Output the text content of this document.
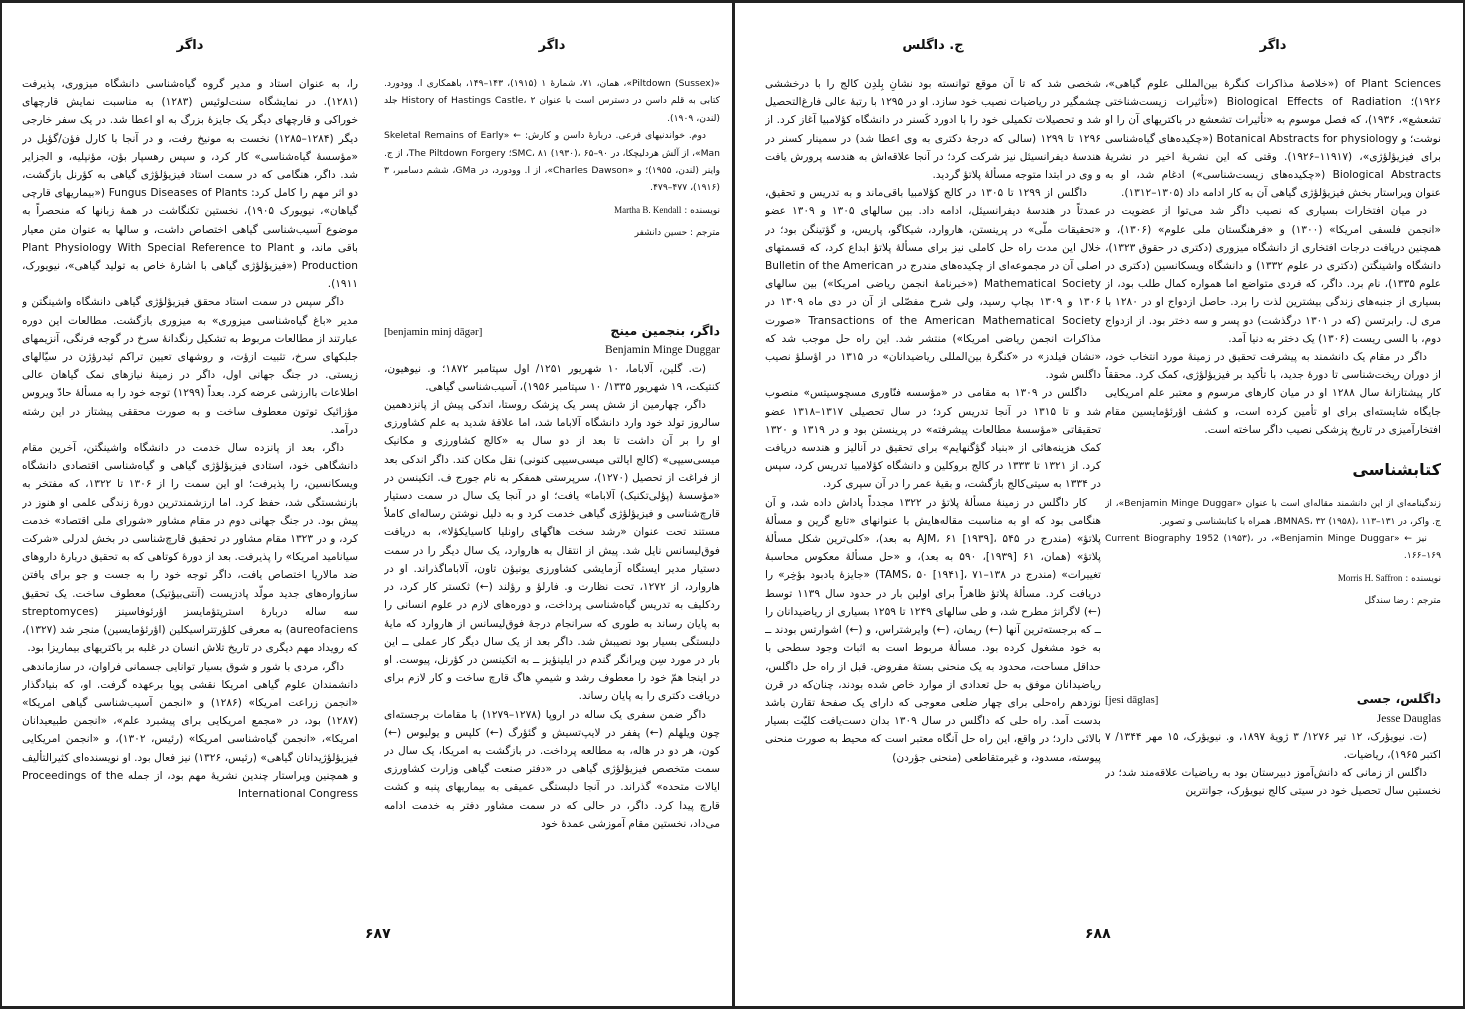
داگر	داگر

را، به عنوان استاد و مدیر گروه گیاه‌شناسی دانشگاه میزوری، پذیرفت (۱۲۸۱). در نمایشگاه سنت‌لوئیس (۱۲۸۳) به مناسبت نمایش قارچهای خوراکی و قارچهای دیگر یک جایزهٔ بزرگ به او اعطا شد. در یک سفر خارجی دیگر (۱۲۸۴–۱۲۸۵) نخست به مونیخ رفت، و در آنجا با کارل فؤن/گؤبل در «مؤسسهٔ گیاه‌شناسی» کار کرد، و سپس رهسپار بؤن، مؤنپلیه، و الجزایر شد. داگر، هنگامی که در سمت استاد فیزیؤلؤژی گیاهی به کؤرنل بازگشت، دو اثر مهم را کامل کرد: Fungus Diseases of Plants («بیماریهای قارچی گیاهان»، نیویورک ۱۹۰۵)، نخستین تکنگاشت در همهٔ زبانها که منحصراً به موضوع آسیب‌شناسی گیاهی اختصاص داشت، و سالها به عنوان متن معیار باقی ماند، و Plant Physiology With Special Reference to Plant Production («فیزیؤلؤژی گیاهی با اشارهٔ خاص به تولید گیاهی»، نیویورک، ۱۹۱۱).

داگر سپس در سمت استاد محقق فیزیؤلؤژی گیاهی دانشگاه واشینگتن و مدیر «باغ گیاه‌شناسی میزوری» به میزوری بازگشت. مطالعات این دوره عبارتند از مطالعات مربوط به تشکیل رنگدانهٔ سرخ در گوجه فرنگی، آنزیمهای جلبکهای سرخ، تثبیت ازؤت، و روشهای تعیین تراکم ئیدرؤژن در سیّالهای زیستی. در جنگ جهانی اول، داگر در زمینهٔ نیازهای نمک گیاهان عالی اطلاعات باارزشی عرضه کرد. بعداً (۱۲۹۹) توجه خود را به مسألهٔ حادّ ویروس مؤزائیک توتون معطوف ساخت و به صورت محققی پیشتاز در این رشته درآمد.

داگر، بعد از پانزده سال خدمت در دانشگاه واشینگتن، آخرین مقام دانشگاهی خود، استادی فیزیؤلؤژی گیاهی و گیاه‌شناسی اقتصادی دانشگاه ویسکانسین، را پذیرفت؛ او این سمت را از ۱۳۰۶ تا ۱۳۲۲، که مفتخر به بازنشستگی شد، حفظ کرد. اما ارزشمندترین دورهٔ زندگی علمی او هنوز در پیش بود. در جنگ جهانی دوم در مقام مشاور «شورای ملی اقتصاد» خدمت کرد، و در ۱۳۲۳ مقام مشاور در تحقیق قارچ‌شناسی در بخش لدرلی «شرکت سیانامید امریکا» را پذیرفت. بعد از دورهٔ کوتاهی که به تحقیق دربارهٔ داروهای ضد مالاریا اختصاص یافت، داگر توجه خود را به جست و جو برای یافتن سازواره‌های جدید مولّد پادزیست (آنتی‌بیؤتیک) معطوف ساخت. یک تحقیق سه ساله دربارهٔ استرپتؤمایسز اؤرئوفاسینز (streptomyces aureofaciens) به معرفی کلؤرتتراسیکلین (اؤرئؤمایسین) منجر شد (۱۳۲۷)، که رویداد مهم دیگری در تاریخ تلاش انسان در غلبه بر باکتریهای بیماریزا بود.

داگر، مردی با شور و شوق بسیار توانایی جسمانی فراوان، در سازماندهی دانشمندان علوم گیاهی امریکا نقشی پویا برعهده گرفت. او، که بنیادگذار «انجمن زراعت امریکا» (۱۲۸۶) و «انجمن آسیب‌شناسی گیاهی امریکا» (۱۲۸۷) بود، در «مجمع امریکایی برای پیشبرد علم»، «انجمن طبیعیدانان امریکا»، «انجمن گیاه‌شناسی امریکا» (رئیس، ۱۳۰۲)، و «انجمن امریکایی فیزیؤلؤژیدانان گیاهی» (رئیس، ۱۳۲۶) نیز فعال بود. او نویسنده‌ای کثیرالتألیف و همچنین ویراستار چندین نشریهٔ مهم بود، از جمله Proceedings of the International Congress

«Piltdown (Sussex)»، همان، ۷۱، شمارهٔ ۱ (۱۹۱۵)، ۱۴۳–۱۴۹، باهمکاری ا. وودورد. کتابی به قلم داسن در دسترس است با عنوان History of Hastings Castle، ۲ جلد (لندن، ۱۹۰۹).

دوم. خواندنیهای فرعی. دربارهٔ داسن و کارش: ← «Skeletal Remains of Early Man»، از آلش هردلیچکا، در SMC، ۸۱ (۱۹۳۰)، ۶۵–۹۰؛ The Piltdown Forgery، از ج. واینر (لندن، ۱۹۵۵)؛ و «Charles Dawson»، از ا. وودورد، در GMa، ششم دسامبر، ۳ (۱۹۱۶)، ۴۷۷–۴۷۹.

نویسنده : Martha B. Kendall
مترجم : حسین دانشفر
داگر، بنجمین مینج
[benjamin minj dāgər]
Benjamin Minge Duggar

(ت. گلین، آلاباما، ۱۰ شهریور ۱۲۵۱/ اول سپتامبر ۱۸۷۲؛ و. نیوهیون، کنتیکت، ۱۹ شهریور ۱۳۳۵/ ۱۰ سپتامبر ۱۹۵۶)، آسیب‌شناسی گیاهی.

داگر، چهارمین از شش پسر یک پزشک روستا، اندکی پیش از پانزدهمین سالروز تولد خود وارد دانشگاه آلاباما شد، اما علاقهٔ شدید به علم کشاورزی او را بر آن داشت تا بعد از دو سال به «کالج کشاورزی و مکانیک میسی‌سیپی» (کالج ایالتی میسی‌سیپی کنونی) نقل مکان کند. داگر اندکی بعد از فراغت از تحصیل (۱۲۷۰)، سرپرستی همفکر به نام جورج ف. اتکینسن در «مؤسسهٔ (پؤلی‌تکنیک) آلاباما» یافت؛ او در آنجا یک سال در سمت دستیار قارچ‌شناسی و فیزیؤلؤژی گیاهی خدمت کرد و به دلیل نوشتن رساله‌ای کاملاً مستند تحت عنوان «رشد سخت هاگهای راونلیا کاسیایکؤلا»، به دریافت فوق‌لیسانس نایل شد. پیش از انتقال به هاروارد، یک سال دیگر را در سمت دستیار مدیر ایستگاه آزمایشی کشاورزی یونیؤن تاون، آلاباماگذراند. او در هاروارد، از ۱۲۷۲، تحت نظارت و. فارلؤ و رؤلند (←) ثکستر کار کرد، در ردکلیف به تدریس گیاه‌شناسی پرداخت، و دوره‌های لازم در علوم انسانی را به پایان رساند به طوری که سرانجام درجهٔ فوق‌لیسانس از هاروارد که مایهٔ دلبستگی بسیار بود نصیبش شد. داگر بعد از یک سال دیگر کار عملی ــ این بار در مورد سِن ویرانگر گندم در ایلینؤیز ــ به اتکینسن در کؤرنل، پیوست. او در اینجا همّ خود را معطوف رشد و شیمیِ هاگ قارچ ساخت و کار لازم برای دریافت دکتری را به پایان رساند.

داگر ضمن سفری یک ساله در اروپا (۱۲۷۸–۱۲۷۹) با مقامات برجسته‌ای چون ویلهلم (←) پففر در لایپ‌تسیش و گئؤرگ (←) کلپس و یولیوس (←) کون، هر دو در هاله، به مطالعه پرداخت. در بازگشت به امریکا، یک سال در سمت متخصص فیزیؤلؤژی گیاهی در «دفتر صنعت گیاهی وزارت کشاورزی ایالات متحده» گذراند. در آنجا دلبستگی عمیقی به بیماریهای پنبه و کشت قارچ پیدا کرد. داگر، در حالی که در سمت مشاور دفتر به خدمت ادامه می‌داد، نخستین مقام آموزشی عمدهٔ خود

۶۸۷
ج. داگلس	داگر

شخصی شد که تا آن موقع توانسته بود نشانِ بِلدِن کالج را با درخششی چشمگیر در ریاضیات نصیب خود سازد. او در ۱۲۹۵ با رتبهٔ عالی فارغ‌التحصیل شد و تحصیلات تکمیلی خود را با ادورد کَسنر در دانشگاه کؤلامبیا آغاز کرد. از ۱۲۹۶ تا ۱۲۹۹ (سالی که درجهٔ دکتری به وی اعطا شد) در سمینار کسنر در هندسهٔ دیفرانسیئل نیز شرکت کرد؛ در آنجا علاقه‌اش به هندسه پرورش یافت و وی در ابتدا متوجه مسألهٔ پلاتؤ گردید.

داگلس از ۱۲۹۹ تا ۱۳۰۵ در کالج کؤلامبیا باقی‌ماند و به تدریس و تحقیق، عمدتاً در هندسهٔ دیفرانسیئل، ادامه داد. بین سالهای ۱۳۰۵ و ۱۳۰۹ عضو «تحقیقات ملّی» در پرینستن، هاروارد، شیکاگو، پاریس، و گؤتینگن بود؛ در خلال این مدت راه حل کاملی نیز برای مسألهٔ پلاتؤ ابداع کرد، که قسمتهای اصلی آن در مجموعه‌ای از چکیده‌های مندرج در Bulletin of the American Mathematical Society («خبرنامهٔ انجمن ریاضی امریکا») بین سالهای ۱۳۰۶ و ۱۳۰۹ بچاپ رسید، ولی شرح مفصّلی از آن در دی ماه ۱۳۰۹ در Transactions of the American Mathematical Society «صورت مذاکرات انجمن ریاضی امریکا») منتشر شد. این راه حل موجب شد که «نشان فیلدز» در «کنگرهٔ بین‌المللی ریاضیدانان» در ۱۳۱۵ در اؤسلؤ نصیب داگلس شود.

داگلس در ۱۳۰۹ به مقامی در «مؤسسه فنّاوری مسچوسیتس» منصوب شد و تا ۱۳۱۵ در آنجا تدریس کرد؛ در سال تحصیلی ۱۳۱۷–۱۳۱۸ عضو تحقیقاتی «مؤسسهٔ مطالعات پیشرفته» در پرینستن بود و در ۱۳۱۹ و ۱۳۲۰ کمک هزینه‌هائی از «بنیاد گؤگنهایم» برای تحقیق در آنالیز و هندسه دریافت کرد. از ۱۳۲۱ تا ۱۳۳۳ در کالج بروکلین و دانشگاه کؤلامبیا تدریس کرد، سپس در ۱۳۳۴ به سیتی‌کالج بازگشت، و بقیهٔ عمر را در آن سپری کرد.

کار داگلس در زمینهٔ مسألهٔ پلاتؤ در ۱۳۲۲ مجدداً پاداش داده شد، و آن هنگامی بود که او به مناسبت مقاله‌هایش با عنوانهای «تابع گرین و مسألهٔ پلاتؤ» (مندرج در AJM، ۶۱ [۱۹۳۹]، ۵۴۵ به بعد)، «کلی‌ترین شکل مسألهٔ پلاتؤ» (همان، ۶۱ [۱۹۳۹]، ۵۹۰ به بعد)، و «حل مسألهٔ معکوس محاسبهٔ تغییرات» (مندرج در TAMS، ۵۰ [۱۹۴۱]، ۷۱–۱۳۸) «جایزهٔ یادبود بؤخِر» را دریافت کرد. مسألهٔ پلاتؤ ظاهراً برای اولین بار در حدود سال ۱۱۳۹ توسط (←) لاگرانژ مطرح شد، و طی سالهای ۱۲۴۹ تا ۱۲۵۹ بسیاری از ریاضیدانان را ــ که برجسته‌ترین آنها (←) ریمان، (←) وایرشتراس، و (←) اشوارتس بودند ــ به خود مشغول کرده بود. مسألهٔ مربوط است به اثبات وجود سطحی با حداقل مساحت، محدود به یک منحنی بستهٔ مفروض. قبل از راه حل داگلس، ریاضیدانان موفق به حل تعدادی از موارد خاص شده بودند، چنان‌که در قرن نوزدهم راه‌حلی برای چهار ضلعی معوجی که دارای یک صفحهٔ تقارن باشد بدست آمد. راه حلی که داگلس در سال ۱۳۰۹ بدان دست‌یافت کلیّت بسیار بالائی دارد؛ در واقع، این راه حل آنگاه معتبر است که محیط به صورت منحنی پیوسته، مسدود، و غیرمتقاطعی (منحنی جؤردن)

of Plant Sciences («خلاصهٔ مذاکرات کنگرهٔ بین‌المللی علوم گیاهی»، ۱۹۲۶)؛ Biological Effects of Radiation («تأثیرات زیست‌شناختی تشعشع»، ۱۹۳۶)، که فصل موسوم به «تأثیرات تشعشع در باکتریهای آن را او نوشت؛ و Botanical Abstracts for physiology («چکیده‌های گیاه‌شناسی برای فیزیؤلؤژی»، (۱۱۹۱۷–۱۹۲۶). وقتی که این نشریهٔ اخیر در نشریهٔ Biological Abstracts («چکیده‌های زیست‌شناسی») ادغام شد، او به عنوان ویراستار بخش فیزیؤلؤژی گیاهی آن به کار ادامه داد (۱۳۰۵–۱۳۱۲).

در میان افتخارات بسیاری که نصیب داگر شد می‌توا از عضویت در «انجمن فلسفی امریکا» (۱۳۰۰) و «فرهنگستان ملی علوم» (۱۳۰۶)، و همچنین دریافت درجات افتخاری از دانشگاه میزوری (دکتری در حقوق ۱۳۲۳)، دانشگاه واشینگتن (دکتری در علوم ۱۳۳۲) و دانشگاه ویسکانسین (دکتری در علوم ۱۳۳۵)، نام برد. داگر، که فردی متواضع اما همواره کمال طلب بود، از بسیاری از جنبه‌های زندگی بیشترین لذت را برد. حاصل ازدواج او در ۱۲۸۰ با مری ل. رابرتسن (که در ۱۳۰۱ درگذشت) دو پسر و سه دختر بود. از ازدواج دوم، با السی ریست (۱۳۰۶) یک دختر به دنیا آمد.

داگر در مقام یک دانشمند به پیشرفت تحقیق در زمینهٔ مورد انتخاب خود، از دوران ریخت‌شناسی تا دورهٔ جدید، با تأکید بر فیزیؤلؤژی، کمک کرد. محققاً کار پیشتازانهٔ سال ۱۲۸۸ او در میان کارهای مرسوم و معتبر علم امریکایی جایگاه شایسته‌ای برای او تأمین کرده است، و کشف اؤرئؤمایسین مقام افتخارآمیزی در تاریخ پزشکی نصیب داگر ساخته است.

کتابشناسی

زندگینامه‌ای از این دانشمند مقاله‌ای است با عنوان «Benjamin Minge Duggar»، از ج. واکر، در BMNAS، ۳۲ (۱۹۵۸)، ۱۱۳–۱۳۱، همراه با کتابشناسی و تصویر.

نیز ← «Benjamin Minge Duggar»، در Current Biography 1952 (۱۹۵۳)، ۱۶۶–۱۶۹.

نویسنده : Morris H. Saffron
مترجم : رضا سندگل
داگلس، جسی
[jesi dāglas]
Jesse Dauglas

(ت. نیویؤرک، ۱۲ تیر ۱۲۷۶/ ۳ ژویهٔ ۱۸۹۷، و. نیویؤرک، ۱۵ مهر ۱۳۴۴/ ۷ اکتبر ۱۹۶۵)، ریاضیات.

داگلس از زمانی که دانش‌آموز دبیرستان بود به ریاضیات علاقه‌مند شد؛ در نخستین سال تحصیل خود در سیتی کالج نیویؤرک، جوانترین

۶۸۸
